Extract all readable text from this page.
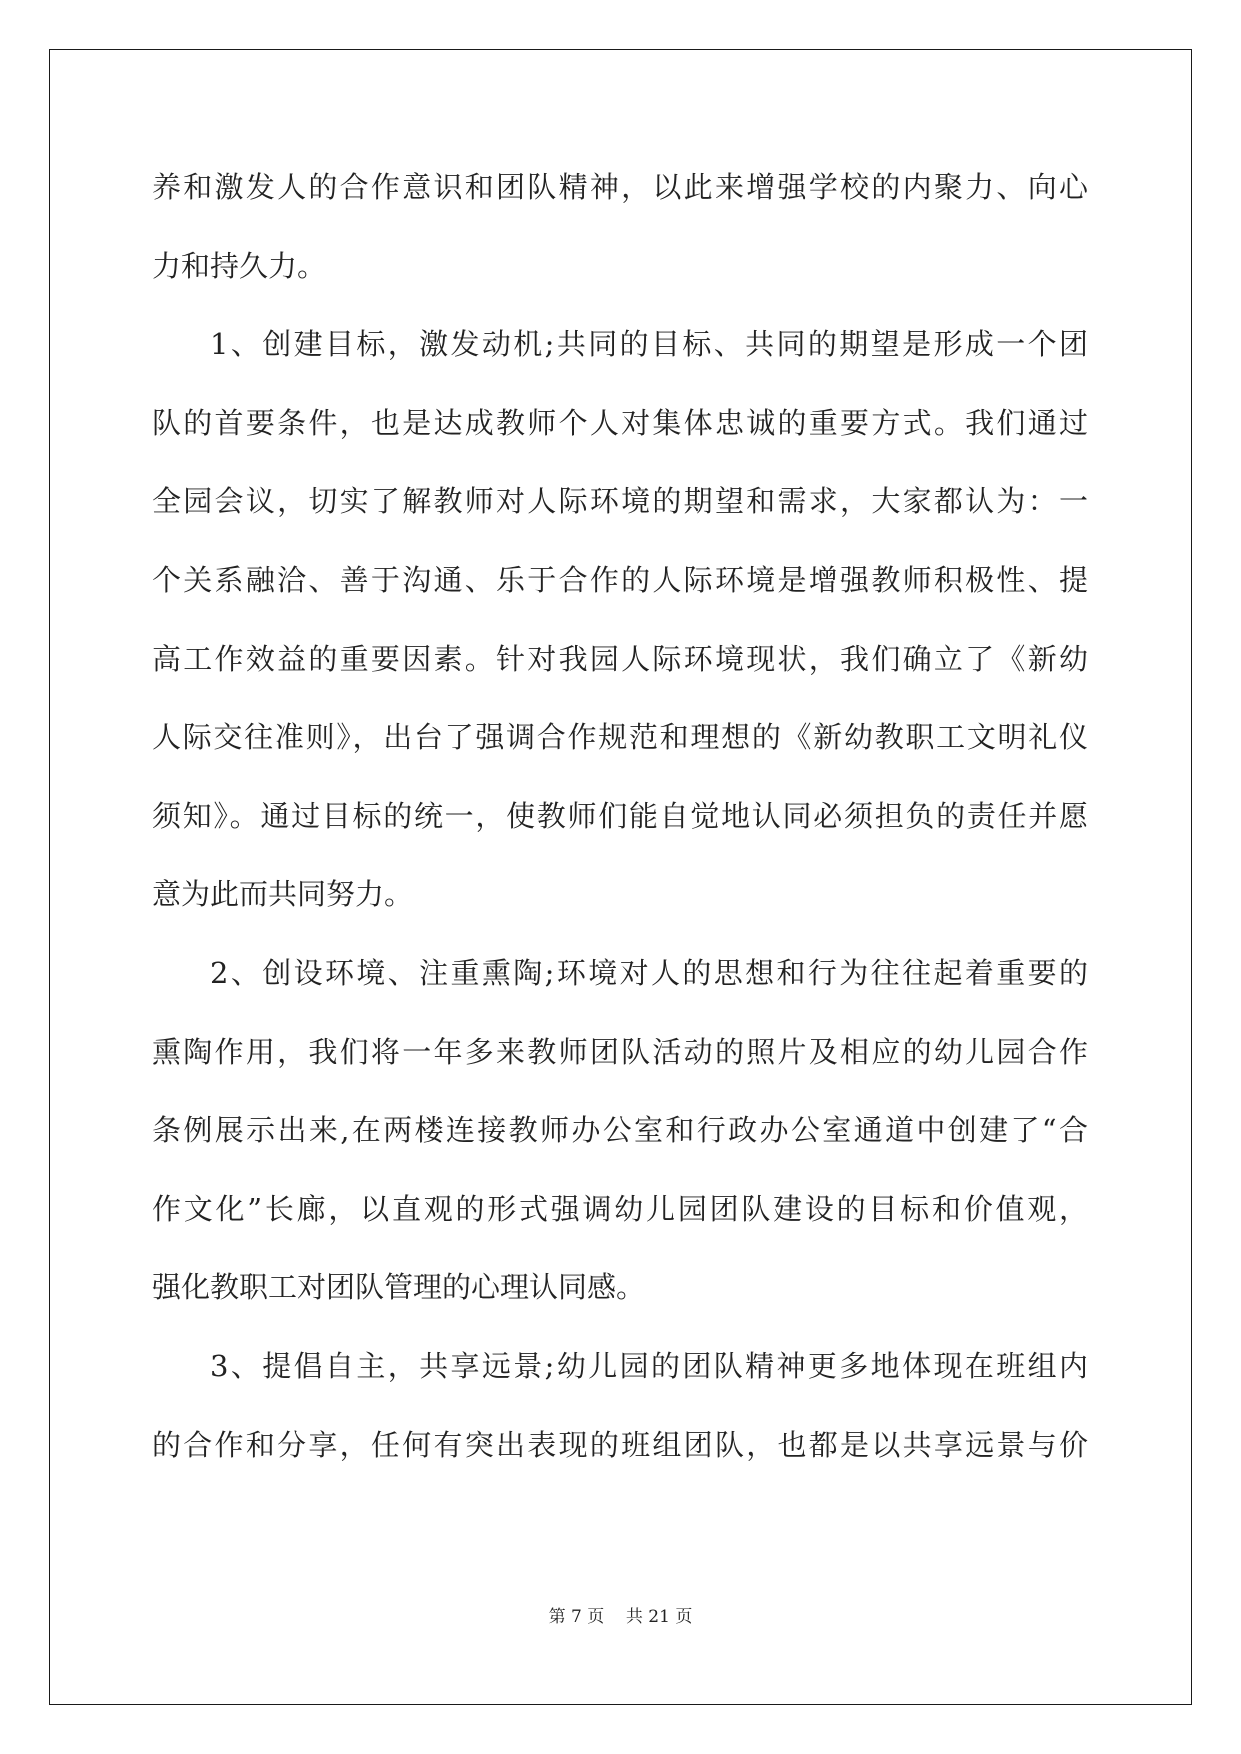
养和激发人的合作意识和团队精神，以此来增强学校的内聚力、向心

力和持久力。

1、创建目标，激发动机;共同的目标、共同的期望是形成一个团

队的首要条件，也是达成教师个人对集体忠诚的重要方式。我们通过

全园会议，切实了解教师对人际环境的期望和需求，大家都认为：一

个关系融洽、善于沟通、乐于合作的人际环境是增强教师积极性、提

高工作效益的重要因素。针对我园人际环境现状，我们确立了《新幼

人际交往准则》，出台了强调合作规范和理想的《新幼教职工文明礼仪

须知》。通过目标的统一，使教师们能自觉地认同必须担负的责任并愿

意为此而共同努力。

2、创设环境、注重熏陶;环境对人的思想和行为往往起着重要的

熏陶作用，我们将一年多来教师团队活动的照片及相应的幼儿园合作

条例展示出来,在两楼连接教师办公室和行政办公室通道中创建了“合

作文化”长廊，以直观的形式强调幼儿园团队建设的目标和价值观，

强化教职工对团队管理的心理认同感。

3、提倡自主，共享远景;幼儿园的团队精神更多地体现在班组内

的合作和分享，任何有突出表现的班组团队，也都是以共享远景与价

第 7 页    共 21 页
